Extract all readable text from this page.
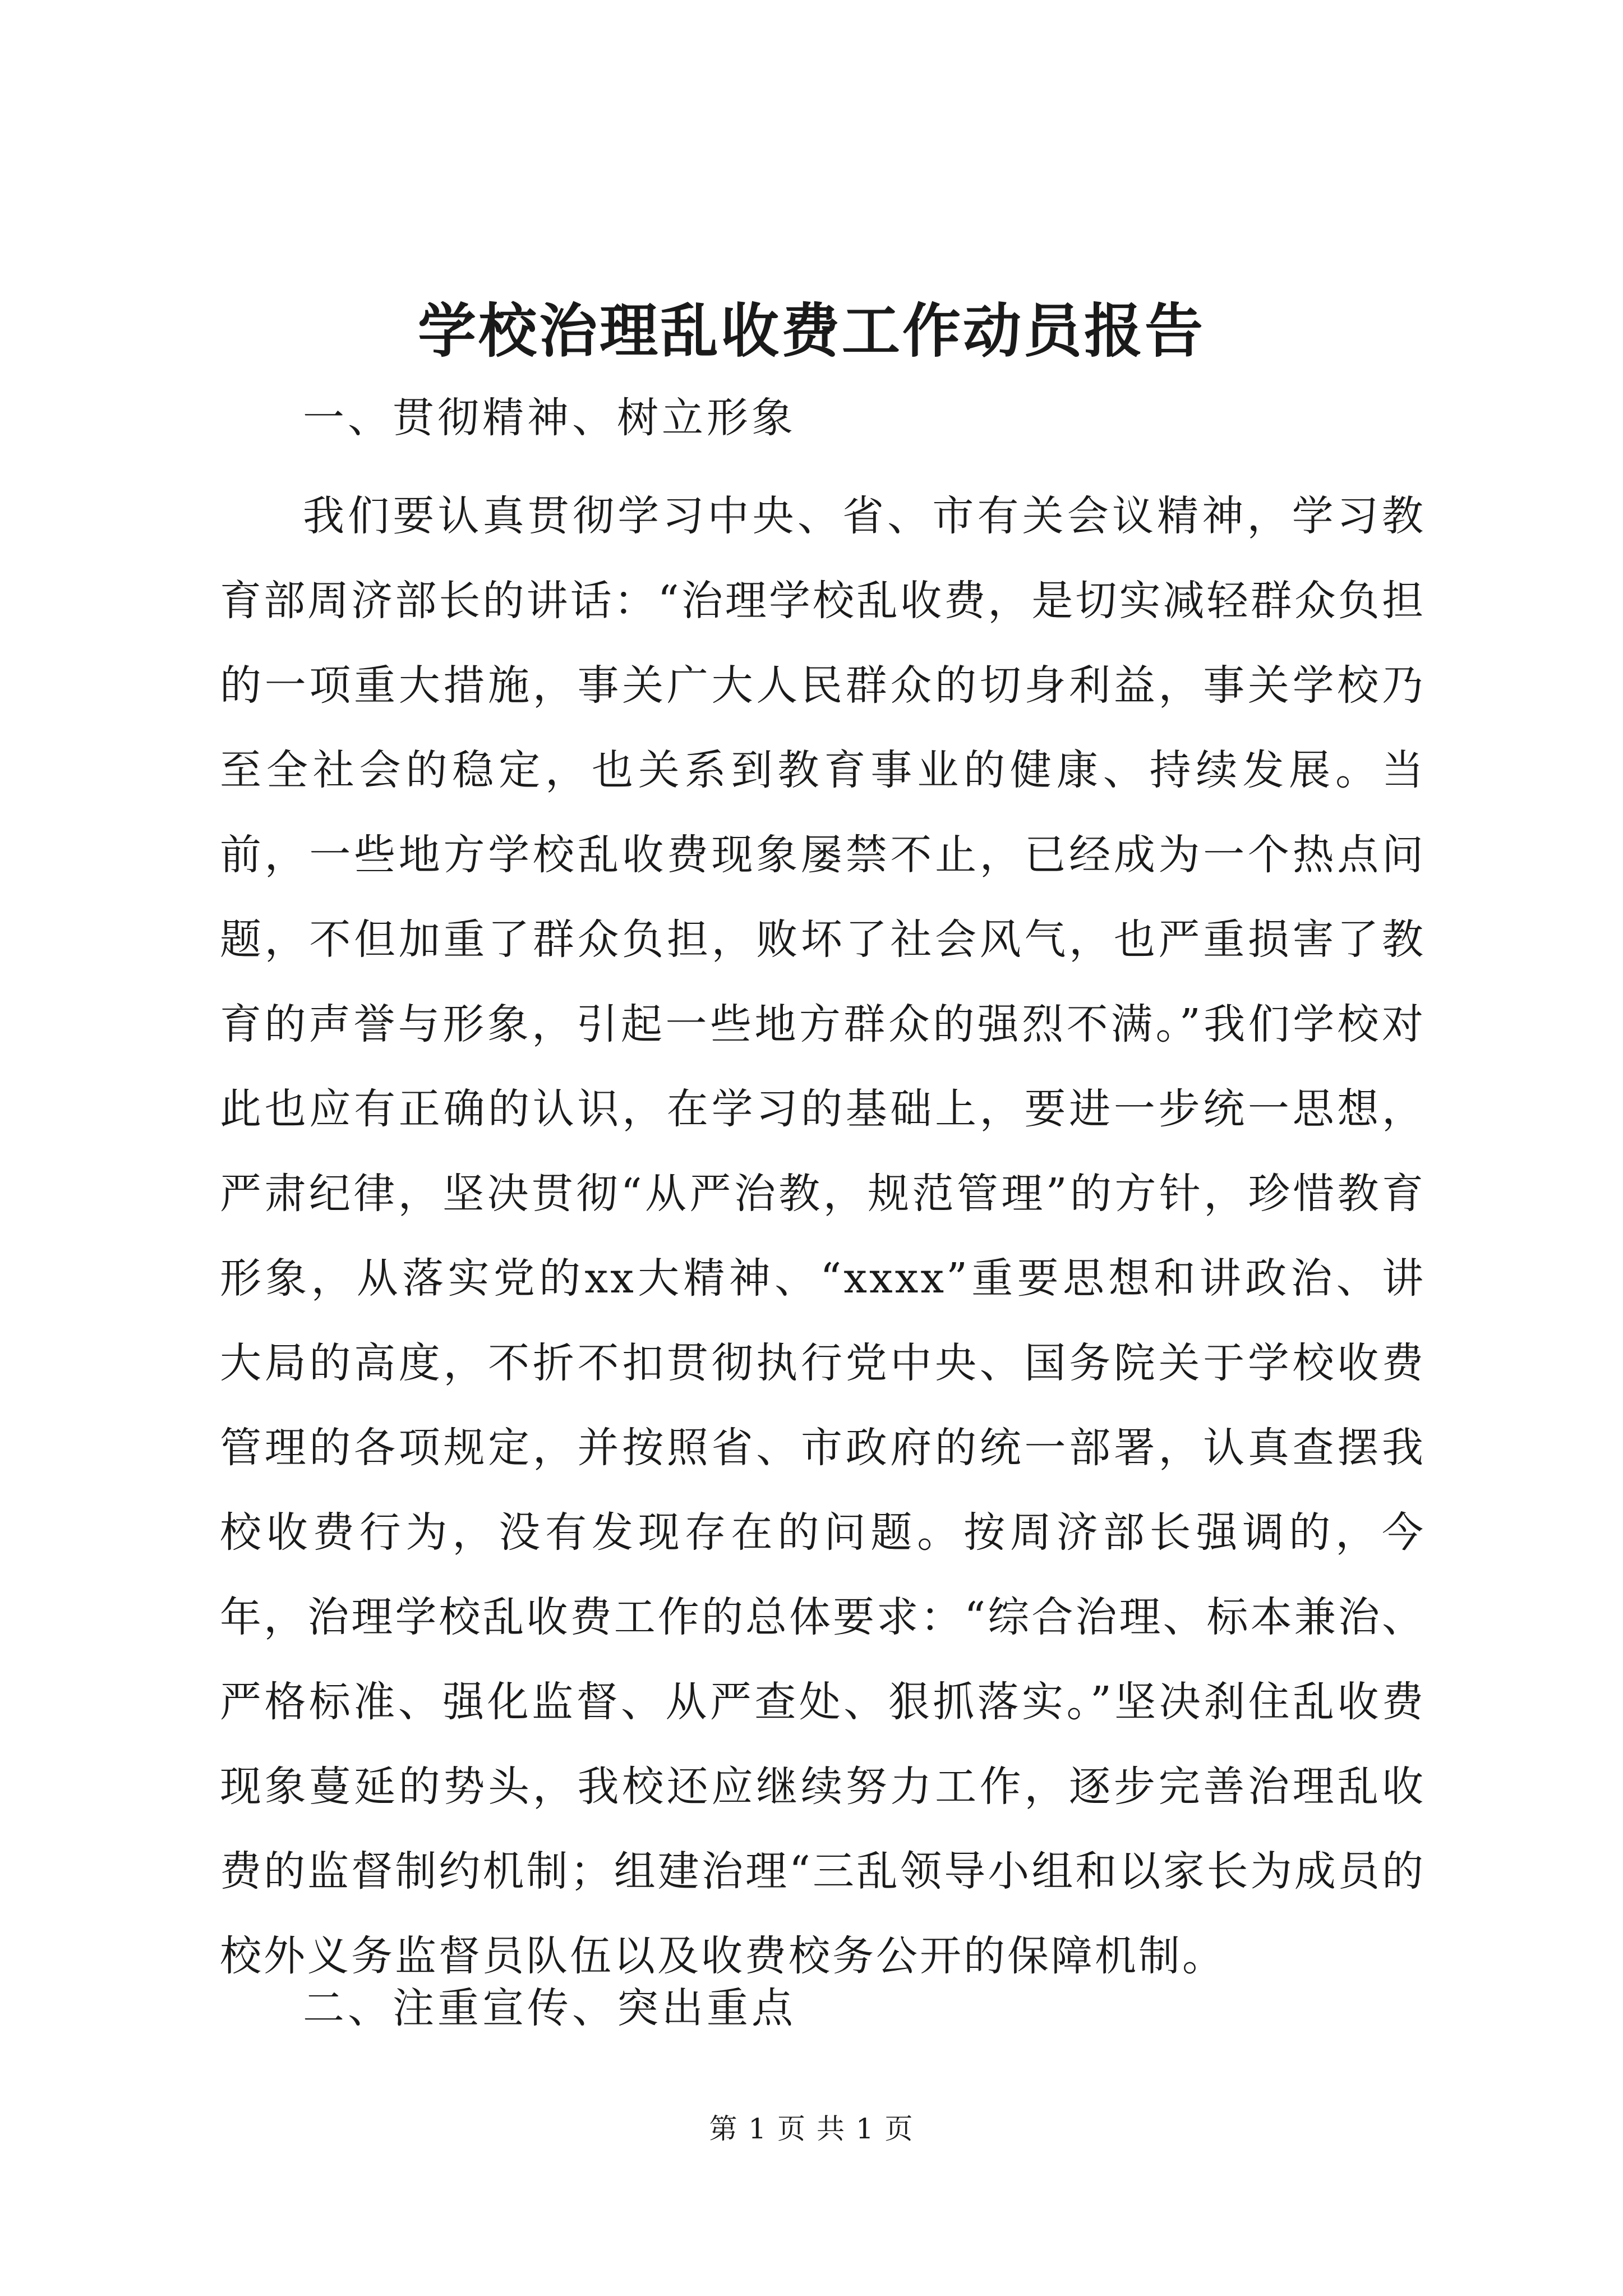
学校治理乱收费工作动员报告

一、贯彻精神、树立形象

我们要认真贯彻学习中央、省、市有关会议精神，学习教育部周济部长的讲话：“治理学校乱收费，是切实减轻群众负担的一项重大措施，事关广大人民群众的切身利益，事关学校乃至全社会的稳定，也关系到教育事业的健康、持续发展。当前，一些地方学校乱收费现象屡禁不止，已经成为一个热点问题，不但加重了群众负担，败坏了社会风气，也严重损害了教育的声誉与形象，引起一些地方群众的强烈不满。”我们学校对此也应有正确的认识，在学习的基础上，要进一步统一思想，严肃纪律，坚决贯彻“从严治教，规范管理”的方针，珍惜教育形象，从落实党的xx大精神、“xxxx”重要思想和讲政治、讲大局的高度，不折不扣贯彻执行党中央、国务院关于学校收费管理的各项规定，并按照省、市政府的统一部署，认真查摆我校收费行为，没有发现存在的问题。按周济部长强调的，今年，治理学校乱收费工作的总体要求：“综合治理、标本兼治、严格标准、强化监督、从严查处、狠抓落实。”坚决刹住乱收费现象蔓延的势头，我校还应继续努力工作，逐步完善治理乱收费的监督制约机制；组建治理“三乱领导小组和以家长为成员的校外义务监督员队伍以及收费校务公开的保障机制。

二、注重宣传、突出重点

第 1 页 共 1 页
